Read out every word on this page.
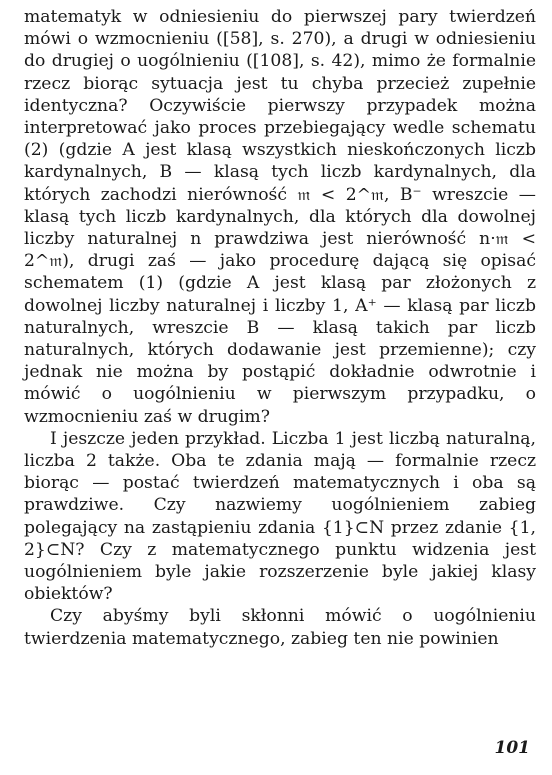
matematyk w odniesieniu do pierwszej pary twierdzeń mówi o wzmocnieniu ([58], s. 270), a drugi w odniesieniu do drugiej o uogólnieniu ([108], s. 42), mimo że formalnie rzecz biorąc sytuacja jest tu chyba przecież zupełnie identyczna? Oczywiście pierwszy przypadek można interpretować jako proces przebiegający wedle schematu (2) (gdzie A jest klasą wszystkich nieskończonych liczb kardynalnych, B — klasą tych liczb kardynalnych, dla których zachodzi nierówność 𝔪 < 2^𝔪, B⁻ wreszcie — klasą tych liczb kardynalnych, dla których dla dowolnej liczby naturalnej n prawdziwa jest nierówność n·𝔪 < 2^𝔪), drugi zaś — jako procedurę dającą się opisać schematem (1) (gdzie A jest klasą par złożonych z dowolnej liczby naturalnej i liczby 1, A⁺ — klasą par liczb naturalnych, wreszcie B — klasą takich par liczb naturalnych, których dodawanie jest przemienne); czy jednak nie można by postąpić dokładnie odwrotnie i mówić o uogólnieniu w pierwszym przypadku, o wzmocnieniu zaś w drugim?

I jeszcze jeden przykład. Liczba 1 jest liczbą naturalną, liczba 2 także. Oba te zdania mają — formalnie rzecz biorąc — postać twierdzeń matematycznych i oba są prawdziwe. Czy nazwiemy uogólnieniem zabieg polegający na zastąpieniu zdania {1}⊂N przez zdanie {1, 2}⊂N? Czy z matematycznego punktu widzenia jest uogólnieniem byle jakie rozszerzenie byle jakiej klasy obiektów?

Czy abyśmy byli skłonni mówić o uogólnieniu twierdzenia matematycznego, zabieg ten nie powinien

101
